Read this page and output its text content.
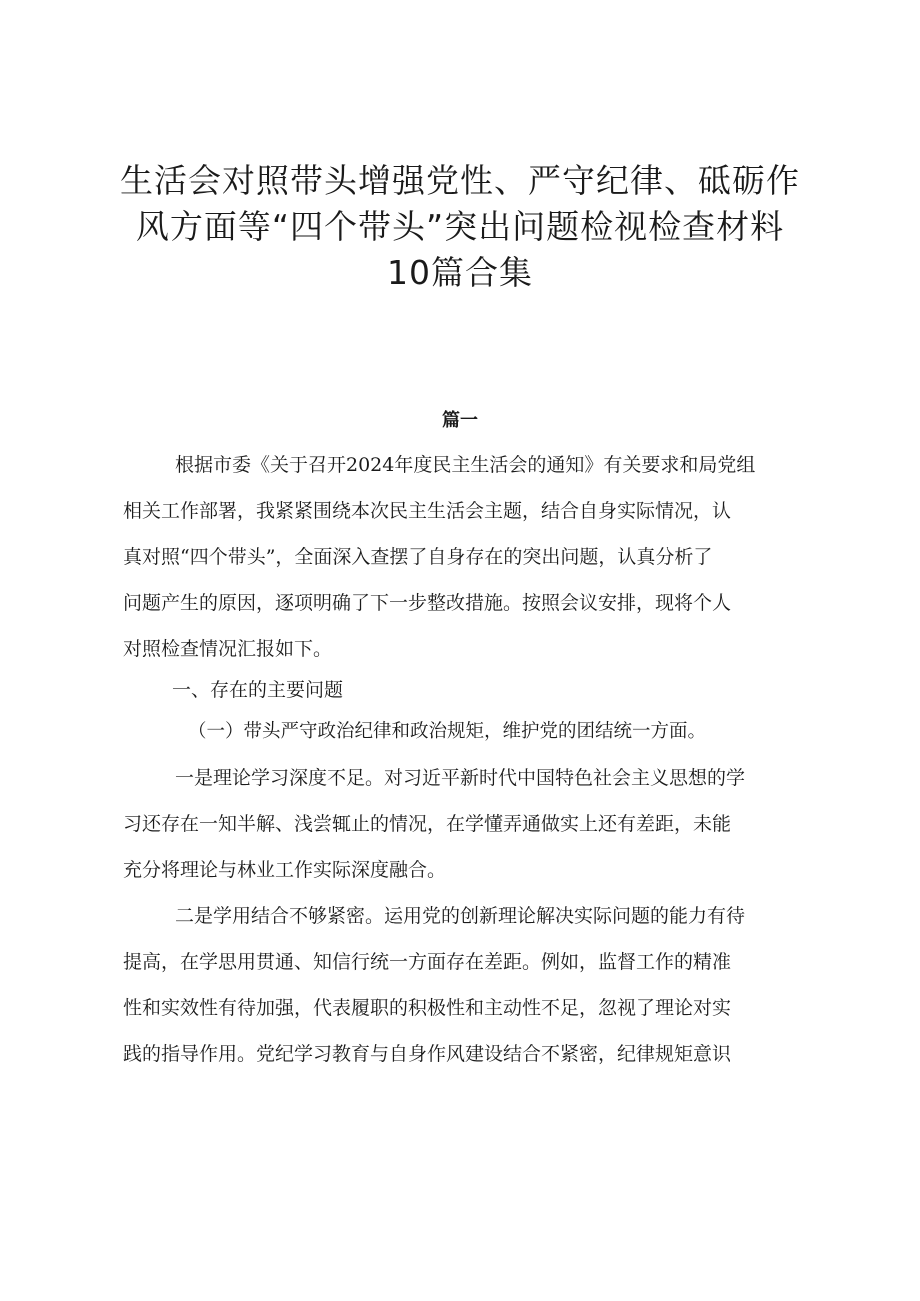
生活会对照带头增强党性、严守纪律、砥砺作
风方面等“四个带头”突出问题检视检查材料
10篇合集
篇一
根据市委《关于召开2024年度民主生活会的通知》有关要求和局党组
相关工作部署，我紧紧围绕本次民主生活会主题，结合自身实际情况，认
真对照“四个带头”，全面深入查摆了自身存在的突出问题，认真分析了
问题产生的原因，逐项明确了下一步整改措施。按照会议安排，现将个人
对照检查情况汇报如下。
一、存在的主要问题
（一）带头严守政治纪律和政治规矩，维护党的团结统一方面。
一是理论学习深度不足。对习近平新时代中国特色社会主义思想的学
习还存在一知半解、浅尝辄止的情况，在学懂弄通做实上还有差距，未能
充分将理论与林业工作实际深度融合。
二是学用结合不够紧密。运用党的创新理论解决实际问题的能力有待
提高，在学思用贯通、知信行统一方面存在差距。例如，监督工作的精准
性和实效性有待加强，代表履职的积极性和主动性不足，忽视了理论对实
践的指导作用。党纪学习教育与自身作风建设结合不紧密，纪律规矩意识
